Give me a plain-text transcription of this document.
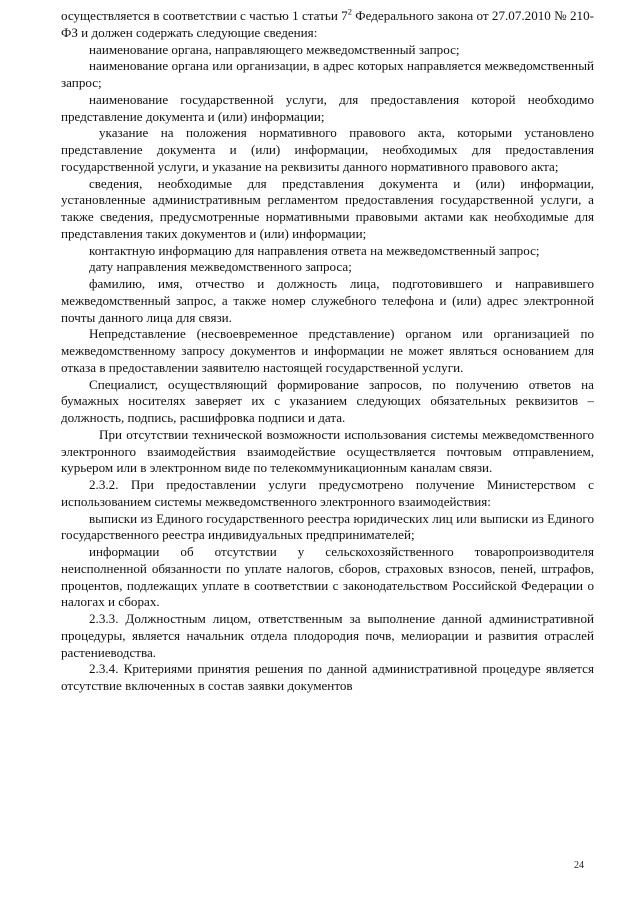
осуществляется в соответствии с частью 1 статьи $7^2$ Федерального закона от 27.07.2010 № 210-ФЗ и должен содержать следующие сведения:

наименование органа, направляющего межведомственный запрос;

наименование органа или организации, в адрес которых направляется межведомственный запрос;

наименование государственной услуги, для предоставления которой необходимо представление документа и (или) информации;

указание на положения нормативного правового акта, которыми установлено представление документа и (или) информации, необходимых для предоставления государственной услуги, и указание на реквизиты данного нормативного правового акта;

сведения, необходимые для представления документа и (или) информации, установленные административным регламентом предоставления государственной услуги, а также сведения, предусмотренные нормативными правовыми актами как необходимые для представления таких документов и (или) информации;

контактную информацию для направления ответа на межведомственный запрос;

дату направления межведомственного запроса;

фамилию, имя, отчество и должность лица, подготовившего и направившего межведомственный запрос, а также номер служебного телефона и (или) адрес электронной почты данного лица для связи.

Непредставление (несвоевременное представление) органом или организацией по межведомственному запросу документов и информации не может являться основанием для отказа в предоставлении заявителю настоящей государственной услуги.

Специалист, осуществляющий формирование запросов, по получению ответов на бумажных носителях заверяет их с указанием следующих обязательных реквизитов – должность, подпись, расшифровка подписи и дата.

При отсутствии технической возможности использования системы межведомственного электронного взаимодействия взаимодействие осуществляется почтовым отправлением, курьером или в электронном виде по телекоммуникационным каналам связи.

2.3.2. При предоставлении услуги предусмотрено получение Министерством с использованием системы межведомственного электронного взаимодействия:

выписки из Единого государственного реестра юридических лиц или выписки из Единого государственного реестра индивидуальных предпринимателей;

информации об отсутствии у сельскохозяйственного товаропроизводителя неисполненной обязанности по уплате налогов, сборов, страховых взносов, пеней, штрафов, процентов, подлежащих уплате в соответствии с законодательством Российской Федерации о налогах и сборах.

2.3.3. Должностным лицом, ответственным за выполнение данной административной процедуры, является начальник отдела плодородия почв, мелиорации и развития отраслей растениеводства.

2.3.4. Критериями принятия решения по данной административной процедуре является отсутствие включенных в состав заявки документов

24
